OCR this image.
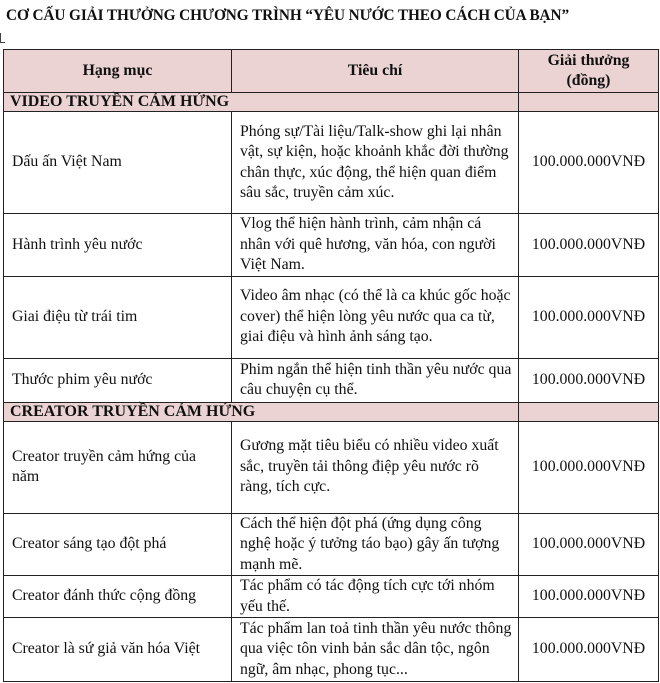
CƠ CẤU GIẢI THƯỞNG CHƯƠNG TRÌNH “YÊU NƯỚC THEO CÁCH CỦA BẠN”
Hạng mục	Tiêu chí	Giải thưởng (đồng)
VIDEO TRUYỀN CẢM HỨNG		
Dấu ấn Việt Nam	Phóng sự/Tài liệu/Talk-show ghi lại nhân vật, sự kiện, hoặc khoảnh khắc đời thường chân thực, xúc động, thể hiện quan điểm sâu sắc, truyền cảm xúc.	100.000.000VNĐ
Hành trình yêu nước	Vlog thể hiện hành trình, cảm nhận cá nhân với quê hương, văn hóa, con người Việt Nam.	100.000.000VNĐ
Giai điệu từ trái tim	Video âm nhạc (có thể là ca khúc gốc hoặc cover) thể hiện lòng yêu nước qua ca từ, giai điệu và hình ảnh sáng tạo.	100.000.000VNĐ
Thước phim yêu nước	Phim ngắn thể hiện tinh thần yêu nước qua câu chuyện cụ thể.	100.000.000VNĐ
CREATOR TRUYỀN CẢM HỨNG		
Creator truyền cảm hứng của năm	Gương mặt tiêu biểu có nhiều video xuất sắc, truyền tải thông điệp yêu nước rõ ràng, tích cực.	100.000.000VNĐ
Creator sáng tạo đột phá	Cách thể hiện đột phá (ứng dụng công nghệ hoặc ý tưởng táo bạo) gây ấn tượng mạnh mẽ.	100.000.000VNĐ
Creator đánh thức cộng đồng	Tác phẩm có tác động tích cực tới nhóm yếu thế.	100.000.000VNĐ
Creator là sứ giả văn hóa Việt	Tác phẩm lan toả tinh thần yêu nước thông qua việc tôn vinh bản sắc dân tộc, ngôn ngữ, âm nhạc, phong tục...	100.000.000VNĐ
